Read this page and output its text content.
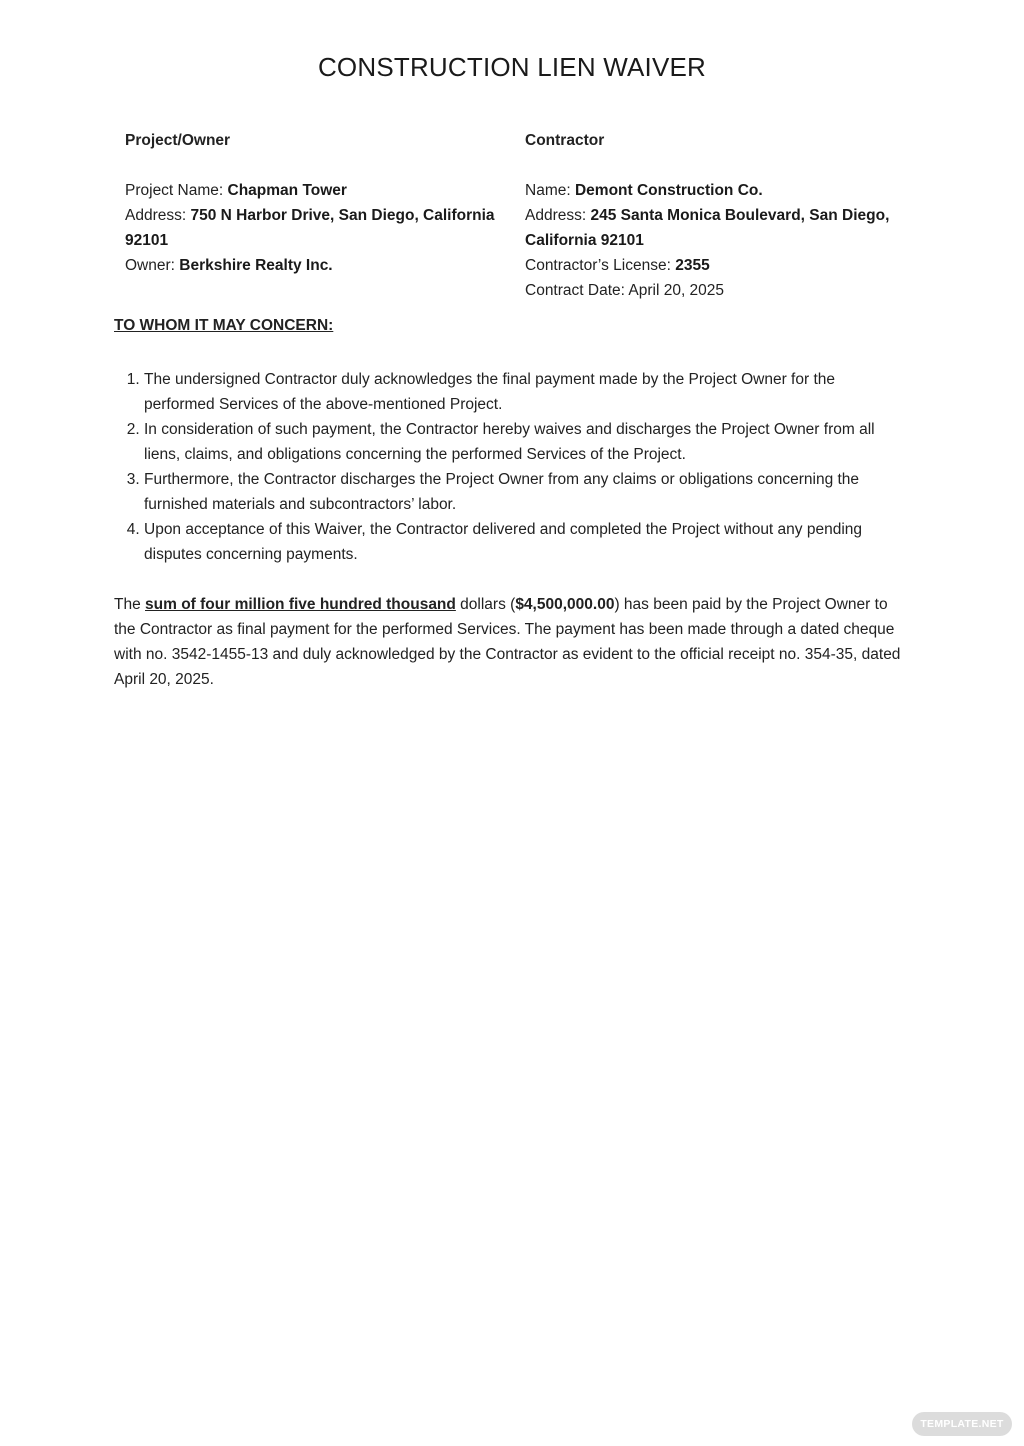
CONSTRUCTION LIEN WAIVER
Project/Owner

Project Name: Chapman Tower

Address: 750 N Harbor Drive, San Diego, California 92101

Owner: Berkshire Realty Inc.

Contractor

Name: Demont Construction Co.

Address: 245 Santa Monica Boulevard, San Diego, California 92101

Contractor’s License: 2355

Contract Date: April 20, 2025

TO WHOM IT MAY CONCERN:

1. The undersigned Contractor duly acknowledges the final payment made by the Project Owner for the performed Services of the above-mentioned Project.
2. In consideration of such payment, the Contractor hereby waives and discharges the Project Owner from all liens, claims, and obligations concerning the performed Services of the Project.
3. Furthermore, the Contractor discharges the Project Owner from any claims or obligations concerning the furnished materials and subcontractors’ labor.
4. Upon acceptance of this Waiver, the Contractor delivered and completed the Project without any pending disputes concerning payments.

The sum of four million five hundred thousand dollars ($4,500,000.00) has been paid by the Project Owner to the Contractor as final payment for the performed Services. The payment has been made through a dated cheque with no. 3542-1455-13 and duly acknowledged by the Contractor as evident to the official receipt no. 354-35, dated April 20, 2025.

TEMPLATE.NET
